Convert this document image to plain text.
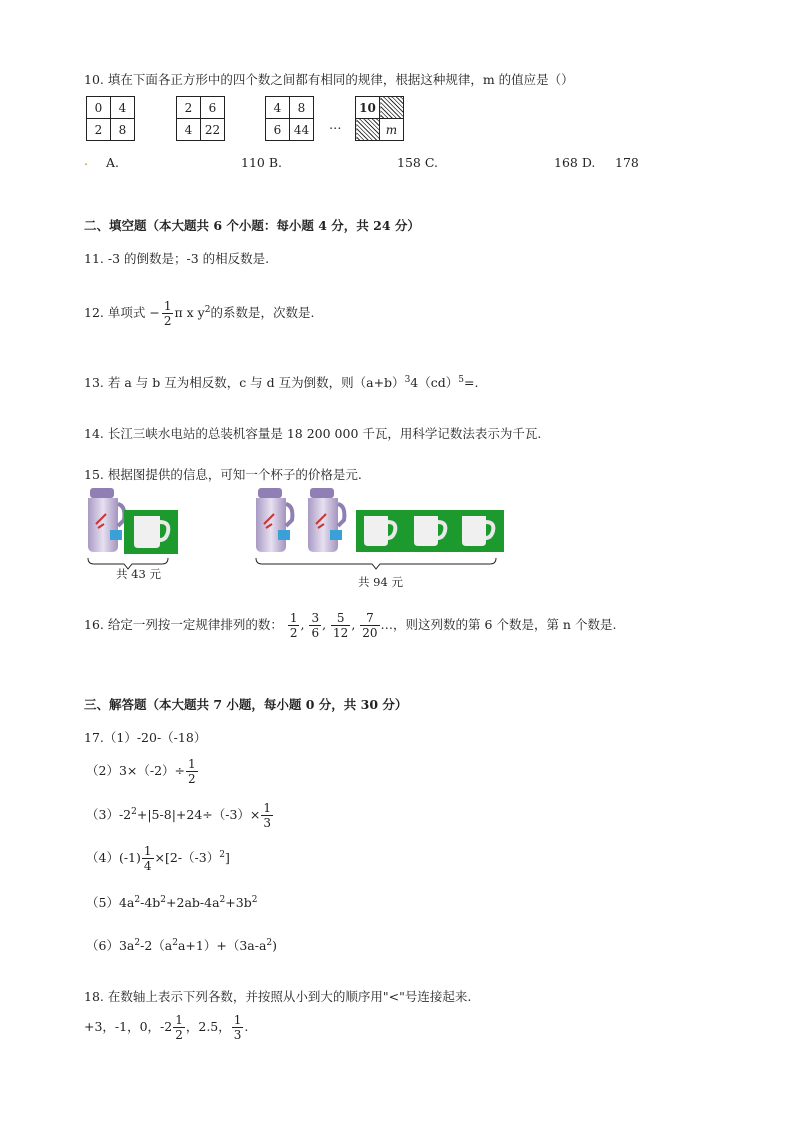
10. 填在下面各正方形中的四个数之间都有相同的规律，根据这种规律，m 的值应是（）
0	4
2	8
2	6
4	22
4	8
6	44 …
10	
	m
. A.	110 B.	158 C.	168 D. 178
二、填空题（本大题共 6 个小题：每小题 4 分，共 24 分）
11. -3 的倒数是；-3 的相反数是.
12. 单项式 − $\frac{1}{2}$ π x $y^2$的系数是，次数是.
13. 若 a 与 b 互为相反数，c 与 d 互为倒数，则$(a+b)^34(cd)^5=$.
14. 长江三峡水电站的总装机容量是 18 200 000 千瓦，用科学记数法表示为千瓦.
15. 根据图提供的信息，可知一个杯子的价格是元.
共 43 元
共 94 元
16. 给定一列按一定规律排列的数： $\frac{1}{2}$ , $\frac{3}{6}$ , $\frac{5}{12}$ , $\frac{7}{20}$ …，则这列数的第 6 个数是，第 n 个数是.
三、解答题（本大题共 7 小题，每小题 0 分，共 30 分）
17.（1）-20-（-18）
$(2)3\times(-2)\div \frac{1}{2}$
$(3)-2^2+|5-8|+24\div(-3)\times \frac{1}{3}$
$(4)(-1) \frac{1}{4} \times[2-(-3)^2]$
$(5)4a^2-4b^2+2ab-4a^2+3b^2$
$(6)3a^2-2(a^2a+1)+(3a-a^2)$
18. 在数轴上表示下列各数，并按照从小到大的顺序用"<"号连接起来.
+3，-1，0，$-2 \frac{1}{2}$ ，2.5， $\frac{1}{3}$ .
